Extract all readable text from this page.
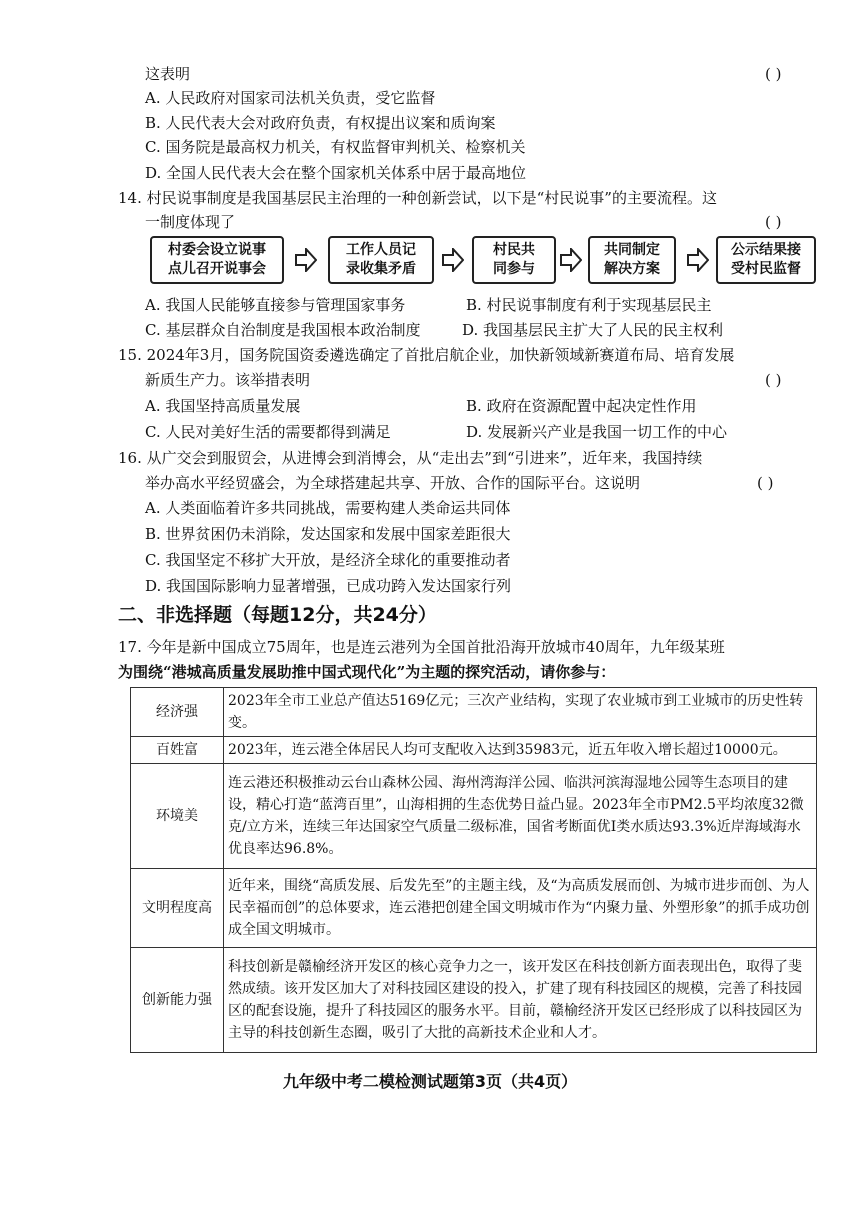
这表明	( )
A. 人民政府对国家司法机关负责，受它监督
B. 人民代表大会对政府负责，有权提出议案和质询案
C. 国务院是最高权力机关，有权监督审判机关、检察机关
D. 全国人民代表大会在整个国家机关体系中居于最高地位
14. 村民说事制度是我国基层民主治理的一种创新尝试，以下是“村民说事”的主要流程。这
一制度体现了	( )
村委会设立说事
点儿召开说事会
工作人员记
录收集矛盾
村民共
同参与
共同制定
解决方案
公示结果接
受村民监督
A. 我国人民能够直接参与管理国家事务	B. 村民说事制度有利于实现基层民主
C. 基层群众自治制度是我国根本政治制度	D. 我国基层民主扩大了人民的民主权利
15. 2024年3月，国务院国资委遴选确定了首批启航企业，加快新领域新赛道布局、培育发展
新质生产力。该举措表明	( )
A. 我国坚持高质量发展	B. 政府在资源配置中起决定性作用
C. 人民对美好生活的需要都得到满足	D. 发展新兴产业是我国一切工作的中心
16. 从广交会到服贸会，从进博会到消博会，从“走出去”到“引进来”，近年来，我国持续
举办高水平经贸盛会，为全球搭建起共享、开放、合作的国际平台。这说明	( )
A. 人类面临着许多共同挑战，需要构建人类命运共同体
B. 世界贫困仍未消除，发达国家和发展中国家差距很大
C. 我国坚定不移扩大开放，是经济全球化的重要推动者
D. 我国国际影响力显著增强，已成功跨入发达国家行列
二、非选择题（每题12分，共24分）
17. 今年是新中国成立75周年，也是连云港列为全国首批沿海开放城市40周年，九年级某班
为围绕“港城高质量发展助推中国式现代化”为主题的探究活动，请你参与：
经济强	2023年全市工业总产值达5169亿元；三次产业结构，实现了农业城市到工业城市的历史性转变。
百姓富	2023年，连云港全体居民人均可支配收入达到35983元，近五年收入增长超过10000元。
环境美	连云港还积极推动云台山森林公园、海州湾海洋公园、临洪河滨海湿地公园等生态项目的建设，精心打造“蓝湾百里”，山海相拥的生态优势日益凸显。2023年全市PM2.5平均浓度32微克/立方米，连续三年达国家空气质量二级标准，国省考断面优Ⅰ类水质达93.3%近岸海域海水优良率达96.8%。
文明程度高	近年来，围绕“高质发展、后发先至”的主题主线，及“为高质发展而创、为城市进步而创、为人民幸福而创”的总体要求，连云港把创建全国文明城市作为“内聚力量、外塑形象”的抓手成功创成全国文明城市。
创新能力强	科技创新是赣榆经济开发区的核心竞争力之一，该开发区在科技创新方面表现出色，取得了斐然成绩。该开发区加大了对科技园区建设的投入，扩建了现有科技园区的规模，完善了科技园区的配套设施，提升了科技园区的服务水平。目前，赣榆经济开发区已经形成了以科技园区为主导的科技创新生态圈，吸引了大批的高新技术企业和人才。
九年级中考二模检测试题第3页（共4页）
